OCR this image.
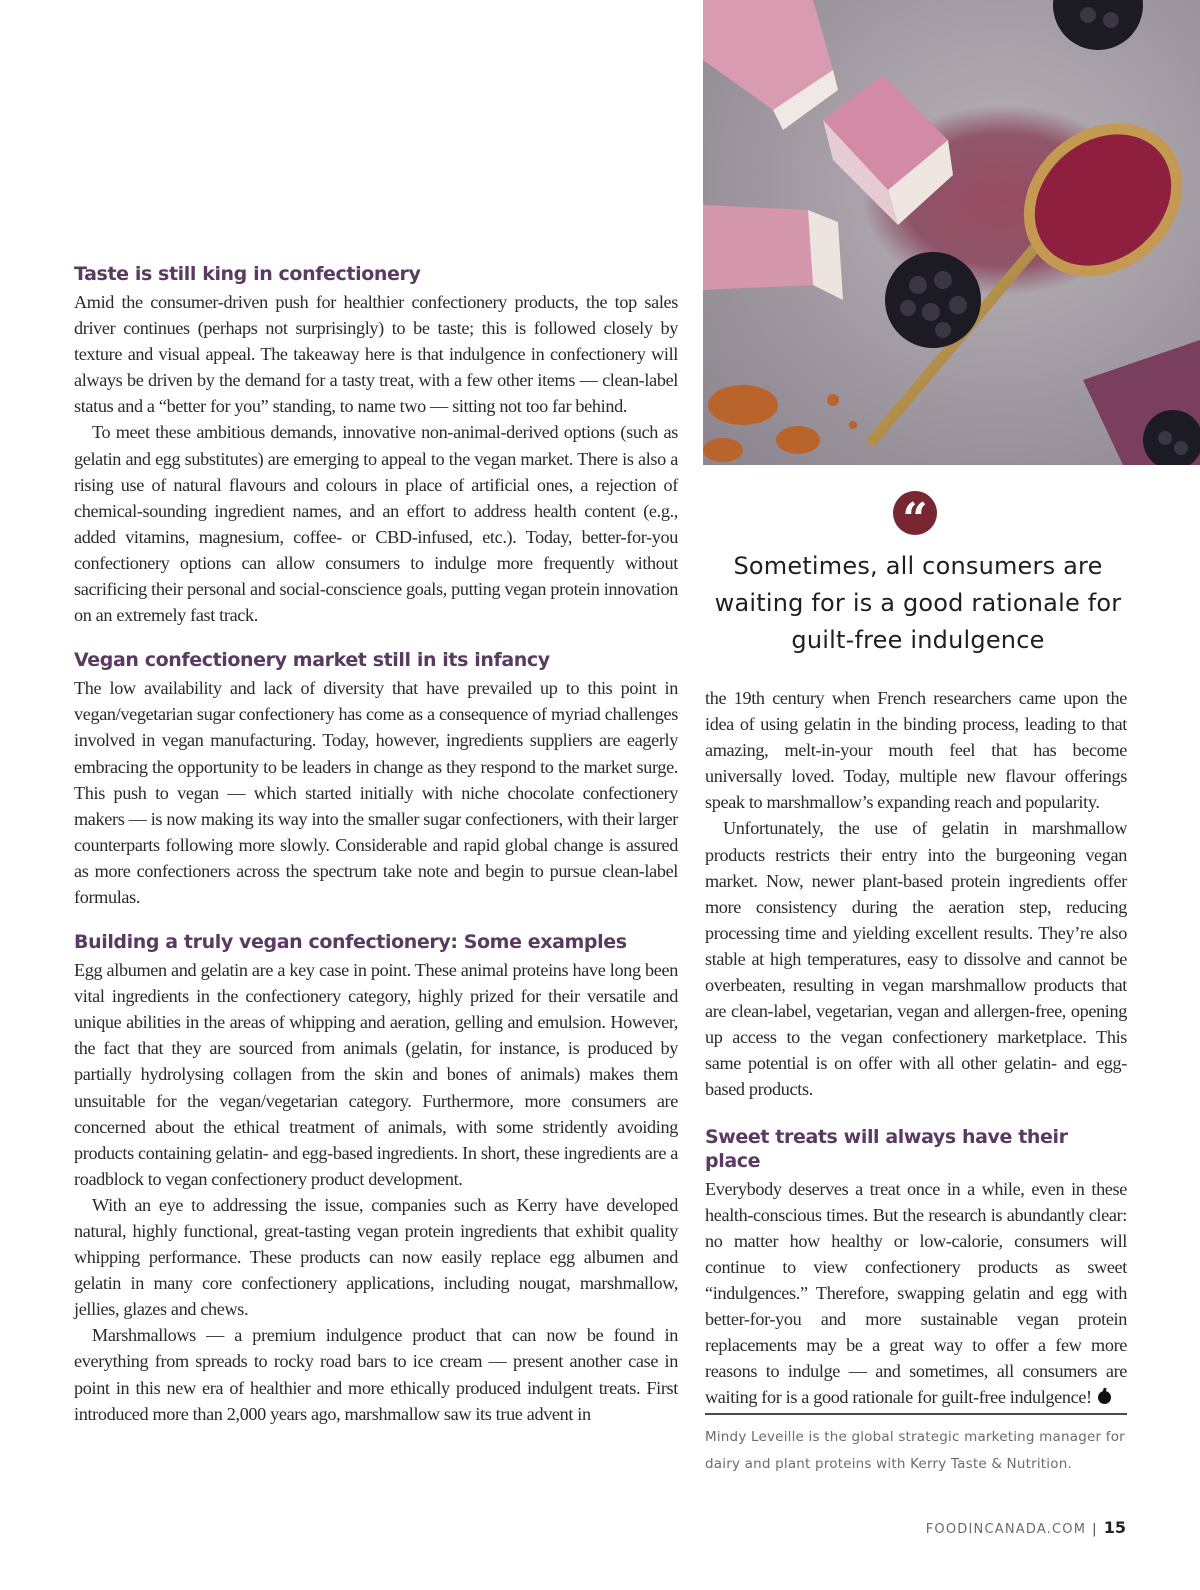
Taste is still king in confectionery

Amid the consumer-driven push for healthier confectionery products, the top sales driver continues (perhaps not surprisingly) to be taste; this is followed closely by texture and visual appeal. The takeaway here is that indulgence in confectionery will always be driven by the demand for a tasty treat, with a few other items — clean-label status and a “better for you” standing, to name two — sitting not too far behind.

To meet these ambitious demands, innovative non-animal-derived options (such as gelatin and egg substitutes) are emerging to appeal to the vegan market. There is also a rising use of natural flavours and colours in place of artificial ones, a rejection of chemical-sounding ingredient names, and an effort to address health content (e.g., added vitamins, magnesium, coffee- or CBD-infused, etc.). Today, better-for-you confectionery options can allow consumers to indulge more frequently without sacrificing their personal and social-conscience goals, putting vegan protein innovation on an extremely fast track.

Vegan confectionery market still in its infancy

The low availability and lack of diversity that have prevailed up to this point in vegan/vegetarian sugar confectionery has come as a consequence of myriad challenges involved in vegan manufacturing. Today, however, ingredients suppliers are eagerly embracing the opportunity to be leaders in change as they respond to the market surge. This push to vegan — which started initially with niche chocolate confectionery makers — is now making its way into the smaller sugar confectioners, with their larger counterparts following more slowly. Considerable and rapid global change is assured as more confectioners across the spectrum take note and begin to pursue clean-label formulas.

Building a truly vegan confectionery: Some examples

Egg albumen and gelatin are a key case in point. These animal proteins have long been vital ingredients in the confectionery category, highly prized for their versatile and unique abilities in the areas of whipping and aeration, gelling and emulsion. However, the fact that they are sourced from animals (gelatin, for instance, is produced by partially hydrolysing collagen from the skin and bones of animals) makes them unsuitable for the vegan/vegetarian category. Furthermore, more consumers are concerned about the ethical treatment of animals, with some stridently avoiding products containing gelatin- and egg-based ingredients. In short, these ingredients are a roadblock to vegan confectionery product development.

With an eye to addressing the issue, companies such as Kerry have developed natural, highly functional, great-tasting vegan protein ingredients that exhibit quality whipping performance. These products can now easily replace egg albumen and gelatin in many core confectionery applications, including nougat, marshmallow, jellies, glazes and chews.

Marshmallows — a premium indulgence product that can now be found in everything from spreads to rocky road bars to ice cream — present another case in point in this new era of healthier and more ethically produced indulgent treats. First introduced more than 2,000 years ago, marshmallow saw its true advent in

“
Sometimes, all consumers are waiting for is a good rationale for guilt-free indulgence

the 19th century when French researchers came upon the idea of using gelatin in the binding process, leading to that amazing, melt-in-your mouth feel that has become universally loved. Today, multiple new flavour offerings speak to marshmallow’s expanding reach and popularity.

Unfortunately, the use of gelatin in marshmallow products restricts their entry into the burgeoning vegan market. Now, newer plant-based protein ingredients offer more consistency during the aeration step, reducing processing time and yielding excellent results. They’re also stable at high temperatures, easy to dissolve and cannot be overbeaten, resulting in vegan marshmallow products that are clean-label, vegetarian, vegan and allergen-free, opening up access to the vegan confectionery marketplace. This same potential is on offer with all other gelatin- and egg-based products.

Sweet treats will always have their place

Everybody deserves a treat once in a while, even in these health-conscious times. But the research is abundantly clear: no matter how healthy or low-calorie, consumers will continue to view confectionery products as sweet “indulgences.” Therefore, swapping gelatin and egg with better-for-you and more sustainable vegan protein replacements may be a great way to offer a few more reasons to indulge — and sometimes, all consumers are waiting for is a good rationale for guilt-free indulgence!

Mindy Leveille is the global strategic marketing manager for dairy and plant proteins with Kerry Taste & Nutrition.
FOODINCANADA.COM | 15
